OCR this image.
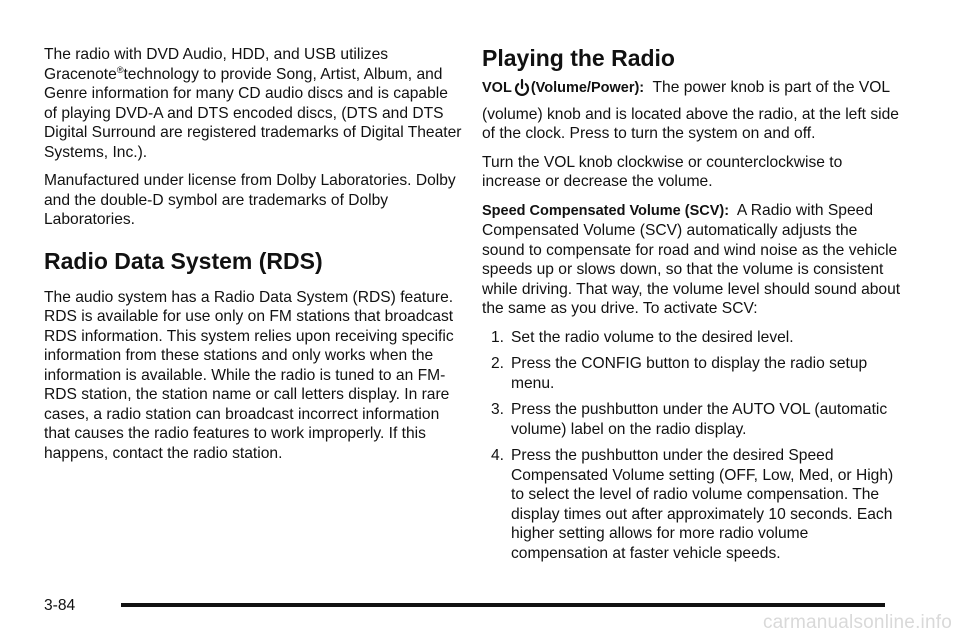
The radio with DVD Audio, HDD, and USB utilizes Gracenote®technology to provide Song, Artist, Album, and Genre information for many CD audio discs and is capable of playing DVD-A and DTS encoded discs, (DTS and DTS Digital Surround are registered trademarks of Digital Theater Systems, Inc.).

Manufactured under license from Dolby Laboratories. Dolby and the double-D symbol are trademarks of Dolby Laboratories.

Radio Data System (RDS)

The audio system has a Radio Data System (RDS) feature. RDS is available for use only on FM stations that broadcast RDS information. This system relies upon receiving specific information from these stations and only works when the information is available. While the radio is tuned to an FM-RDS station, the station name or call letters display. In rare cases, a radio station can broadcast incorrect information that causes the radio features to work improperly. If this happens, contact the radio station.

Playing the Radio

VOL (Volume/Power): The power knob is part of the VOL (volume) knob and is located above the radio, at the left side of the clock. Press to turn the system on and off.

Turn the VOL knob clockwise or counterclockwise to increase or decrease the volume.

Speed Compensated Volume (SCV): A Radio with Speed Compensated Volume (SCV) automatically adjusts the sound to compensate for road and wind noise as the vehicle speeds up or slows down, so that the volume is consistent while driving. That way, the volume level should sound about the same as you drive. To activate SCV:

1. Set the radio volume to the desired level.
2. Press the CONFIG button to display the radio setup menu.
3. Press the pushbutton under the AUTO VOL (automatic volume) label on the radio display.
4. Press the pushbutton under the desired Speed Compensated Volume setting (OFF, Low, Med, or High) to select the level of radio volume compensation. The display times out after approximately 10 seconds. Each higher setting allows for more radio volume compensation at faster vehicle speeds.
3-84
carmanualsonline.info
